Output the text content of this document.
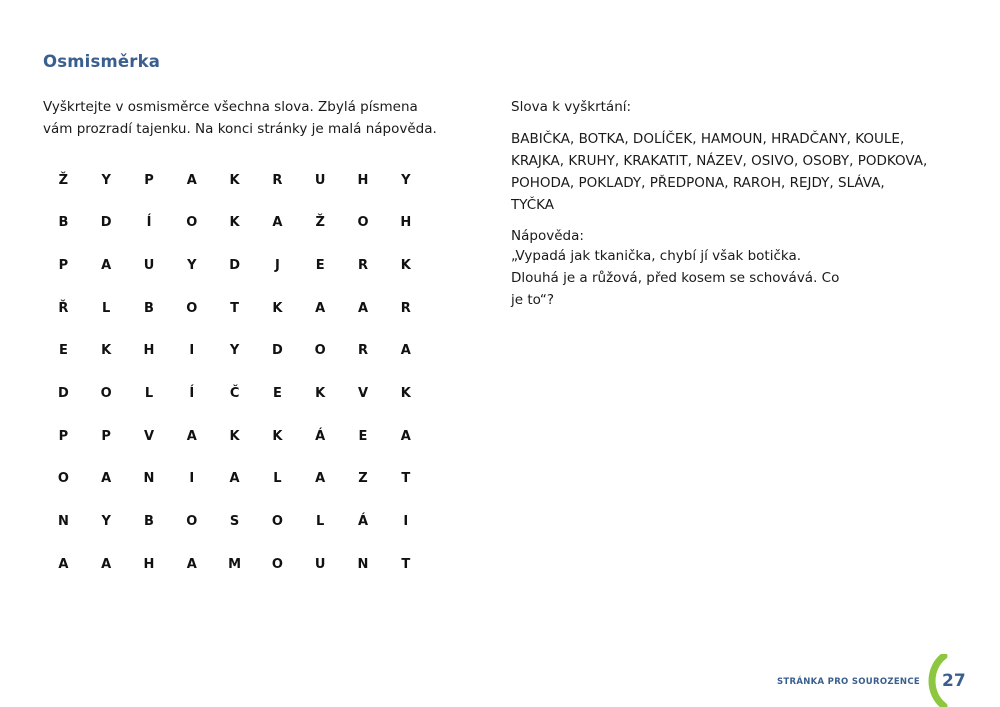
Osmisměrka
Vyškrtejte v osmisměrce všechna slova. Zbylá písmena vám prozradí tajenku. Na konci stránky je malá nápověda.
Ž	Y	P	A	K	R	U	H	Y
B	D	Í	O	K	A	Ž	O	H
P	A	U	Y	D	J	E	R	K
Ř	L	B	O	T	K	A	A	R
E	K	H	I	Y	D	O	R	A
D	O	L	Í	Č	E	K	V	K
P	P	V	A	K	K	Á	E	A
O	A	N	I	A	L	A	Z	T
N	Y	B	O	S	O	L	Á	I
A	A	H	A	M	O	U	N	T
Slova k vyškrtání:
BABIČKA, BOTKA, DOLÍČEK, HAMOUN, HRADČANY, KOULE, KRAJKA, KRUHY, KRAKATIT, NÁZEV, OSIVO, OSOBY, PODKOVA, POHODA, POKLADY, PŘEDPONA, RAROH, REJDY, SLÁVA, TYČKA
Nápověda:
„Vypadá jak tkanička, chybí jí však botička. Dlouhá je a růžová, před kosem se schovává. Co je to“?
STRÁNKA PRO SOUROZENCE 27
